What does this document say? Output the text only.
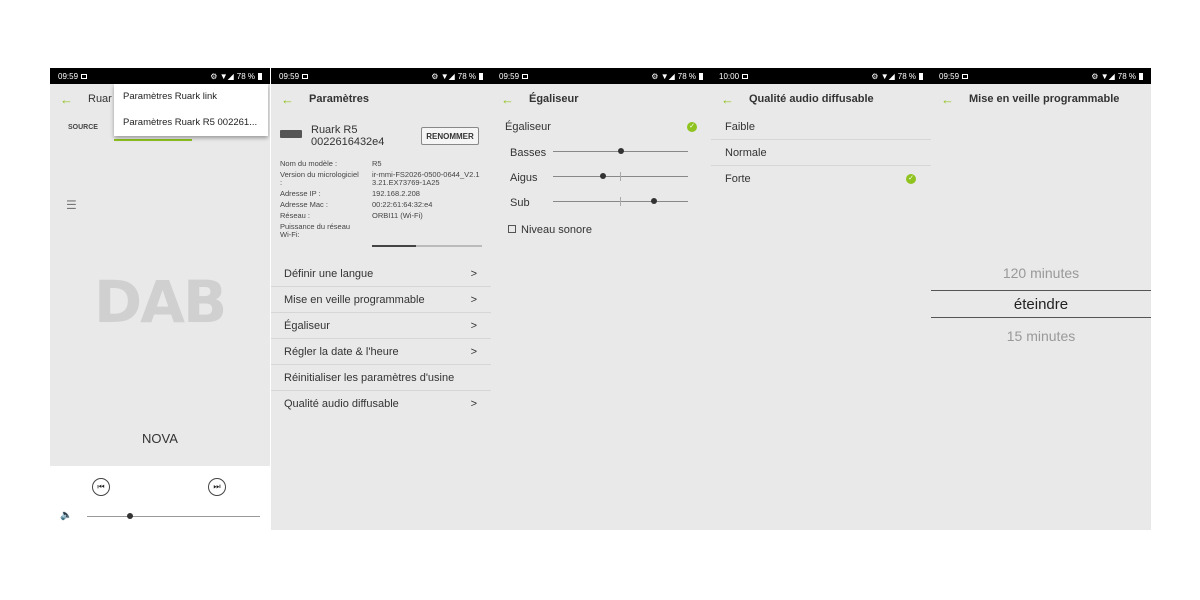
09:59	⚙ ▼◢ 78 %
←	Ruar	Paramètres Ruark link
Paramètres Ruark R5 002261...
SOURCE
☰
DAB
NOVA
⏮	⏭
🔈
09:59	⚙ ▼◢ 78 %
←	Paramètres
Ruark R5
0022616432e4	RENOMMER
Nom du modèle :	R5
Version du micrologiciel :
ir-mmi-FS2026-0500-0644_V2.13.21.EX73769-1A25
Adresse IP :	192.168.2.208
Adresse Mac :	00:22:61:64:32:e4
Réseau :	ORBI11 (Wi-Fi)
Puissance du réseau Wi-Fi:
Définir une langue	>
Mise en veille programmable	>
Égaliseur	>
Régler la date & l'heure	>
Réinitialiser les paramètres d'usine
Qualité audio diffusable	>
09:59	⚙ ▼◢ 78 %
←	Égaliseur
Égaliseur	✓
Basses
Aigus
Sub
Niveau sonore
10:00	⚙ ▼◢ 78 %
←	Qualité audio diffusable
Faible
Normale
Forte	✓
09:59	⚙ ▼◢ 78 %
←	Mise en veille programmable
120 minutes
éteindre
15 minutes
